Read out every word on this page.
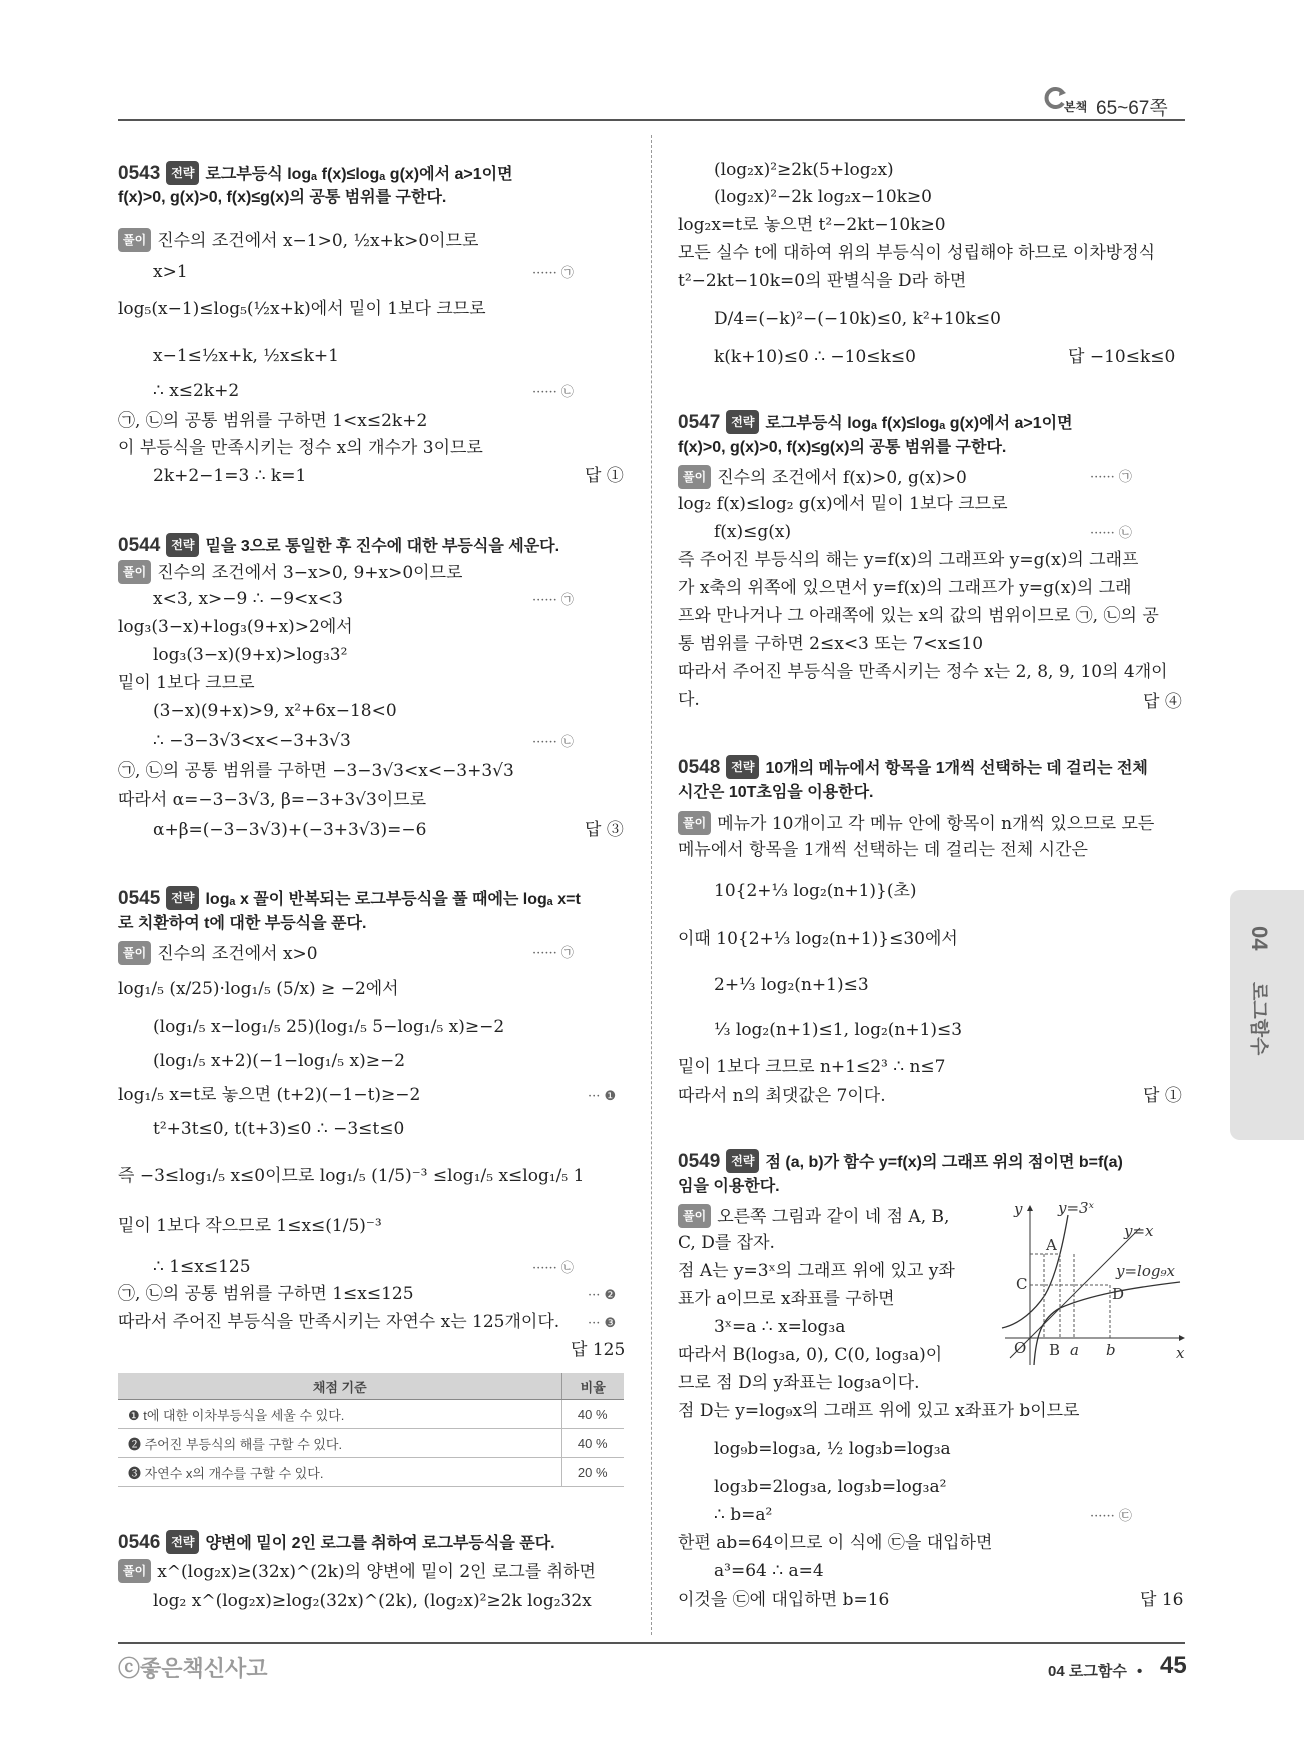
본책 65~67쪽
0543 전략 로그부등식 logₐ f(x)≤logₐ g(x)에서 a>1이면
f(x)>0, g(x)>0, f(x)≤g(x)의 공통 범위를 구한다.
풀이 진수의 조건에서 x−1>0, ½x+k>0이므로
x>1	······ ㉠
log₅(x−1)≤log₅(½x+k)에서 밑이 1보다 크므로
x−1≤½x+k, ½x≤k+1
∴ x≤2k+2	······ ㉡
㉠, ㉡의 공통 범위를 구하면 1<x≤2k+2
이 부등식을 만족시키는 정수 x의 개수가 3이므로
2k+2−1=3 ∴ k=1	답 ①
0544 전략 밑을 3으로 통일한 후 진수에 대한 부등식을 세운다.
풀이 진수의 조건에서 3−x>0, 9+x>0이므로
x<3, x>−9 ∴ −9<x<3	······ ㉠
log₃(3−x)+log₃(9+x)>2에서
log₃(3−x)(9+x)>log₃3²
밑이 1보다 크므로
(3−x)(9+x)>9, x²+6x−18<0
∴ −3−3√3<x<−3+3√3	······ ㉡
㉠, ㉡의 공통 범위를 구하면 −3−3√3<x<−3+3√3
따라서 α=−3−3√3, β=−3+3√3이므로
α+β=(−3−3√3)+(−3+3√3)=−6	답 ③
0545 전략 logₐ x 꼴이 반복되는 로그부등식을 풀 때에는 logₐ x=t
로 치환하여 t에 대한 부등식을 푼다.
풀이 진수의 조건에서 x>0	······ ㉠
log₁/₅ (x/25)·log₁/₅ (5/x) ≥ −2에서
(log₁/₅ x−log₁/₅ 25)(log₁/₅ 5−log₁/₅ x)≥−2
(log₁/₅ x+2)(−1−log₁/₅ x)≥−2
log₁/₅ x=t로 놓으면 (t+2)(−1−t)≥−2	··· ❶
t²+3t≤0, t(t+3)≤0 ∴ −3≤t≤0
즉 −3≤log₁/₅ x≤0이므로 log₁/₅ (1/5)⁻³ ≤log₁/₅ x≤log₁/₅ 1
밑이 1보다 작으므로 1≤x≤(1/5)⁻³
∴ 1≤x≤125	······ ㉡
㉠, ㉡의 공통 범위를 구하면 1≤x≤125	··· ❷
따라서 주어진 부등식을 만족시키는 자연수 x는 125개이다. ··· ❸
답 125
채점 기준	비율
❶ t에 대한 이차부등식을 세울 수 있다.	40 %
❷ 주어진 부등식의 해를 구할 수 있다.	40 %
❸ 자연수 x의 개수를 구할 수 있다.	20 %
0546 전략 양변에 밑이 2인 로그를 취하여 로그부등식을 푼다.
풀이 x^(log₂x)≥(32x)^(2k)의 양변에 밑이 2인 로그를 취하면
log₂ x^(log₂x)≥log₂(32x)^(2k), (log₂x)²≥2k log₂32x
(log₂x)²≥2k(5+log₂x)
(log₂x)²−2k log₂x−10k≥0
log₂x=t로 놓으면 t²−2kt−10k≥0
모든 실수 t에 대하여 위의 부등식이 성립해야 하므로 이차방정식
t²−2kt−10k=0의 판별식을 D라 하면
D/4=(−k)²−(−10k)≤0, k²+10k≤0
k(k+10)≤0 ∴ −10≤k≤0	답 −10≤k≤0
0547 전략 로그부등식 logₐ f(x)≤logₐ g(x)에서 a>1이면
f(x)>0, g(x)>0, f(x)≤g(x)의 공통 범위를 구한다.
풀이 진수의 조건에서 f(x)>0, g(x)>0	······ ㉠
log₂ f(x)≤log₂ g(x)에서 밑이 1보다 크므로
f(x)≤g(x)	······ ㉡
즉 주어진 부등식의 해는 y=f(x)의 그래프와 y=g(x)의 그래프
가 x축의 위쪽에 있으면서 y=f(x)의 그래프가 y=g(x)의 그래
프와 만나거나 그 아래쪽에 있는 x의 값의 범위이므로 ㉠, ㉡의 공
통 범위를 구하면 2≤x<3 또는 7<x≤10
따라서 주어진 부등식을 만족시키는 정수 x는 2, 8, 9, 10의 4개이
다.	답 ④
0548 전략 10개의 메뉴에서 항목을 1개씩 선택하는 데 걸리는 전체
시간은 10T초임을 이용한다.
풀이 메뉴가 10개이고 각 메뉴 안에 항목이 n개씩 있으므로 모든
메뉴에서 항목을 1개씩 선택하는 데 걸리는 전체 시간은
10{2+⅓ log₂(n+1)}(초)
이때 10{2+⅓ log₂(n+1)}≤30에서
2+⅓ log₂(n+1)≤3
⅓ log₂(n+1)≤1, log₂(n+1)≤3
밑이 1보다 크므로 n+1≤2³ ∴ n≤7
따라서 n의 최댓값은 7이다.	답 ①
0549 전략 점 (a, b)가 함수 y=f(x)의 그래프 위의 점이면 b=f(a)
임을 이용한다.
풀이 오른쪽 그림과 같이 네 점 A, B,
C, D를 잡자.
점 A는 y=3ˣ의 그래프 위에 있고 y좌
표가 a이므로 x좌표를 구하면
3ˣ=a ∴ x=log₃a
따라서 B(log₃a, 0), C(0, log₃a)이
므로 점 D의 y좌표는 log₃a이다.
점 D는 y=log₉x의 그래프 위에 있고 x좌표가 b이므로
log₉b=log₃a, ½ log₃b=log₃a
log₃b=2log₃a, log₃b=log₃a²
∴ b=a²	······ ㉢
한편 ab=64이므로 이 식에 ㉢을 대입하면
a³=64 ∴ a=4
이것을 ㉢에 대입하면 b=16	답 16
y
x
y=3ˣ
y=x
y=log₉x
a b
A
B
C
D
O
04
로그함수
ⓒ좋은책신사고	04 로그함수 • 45
